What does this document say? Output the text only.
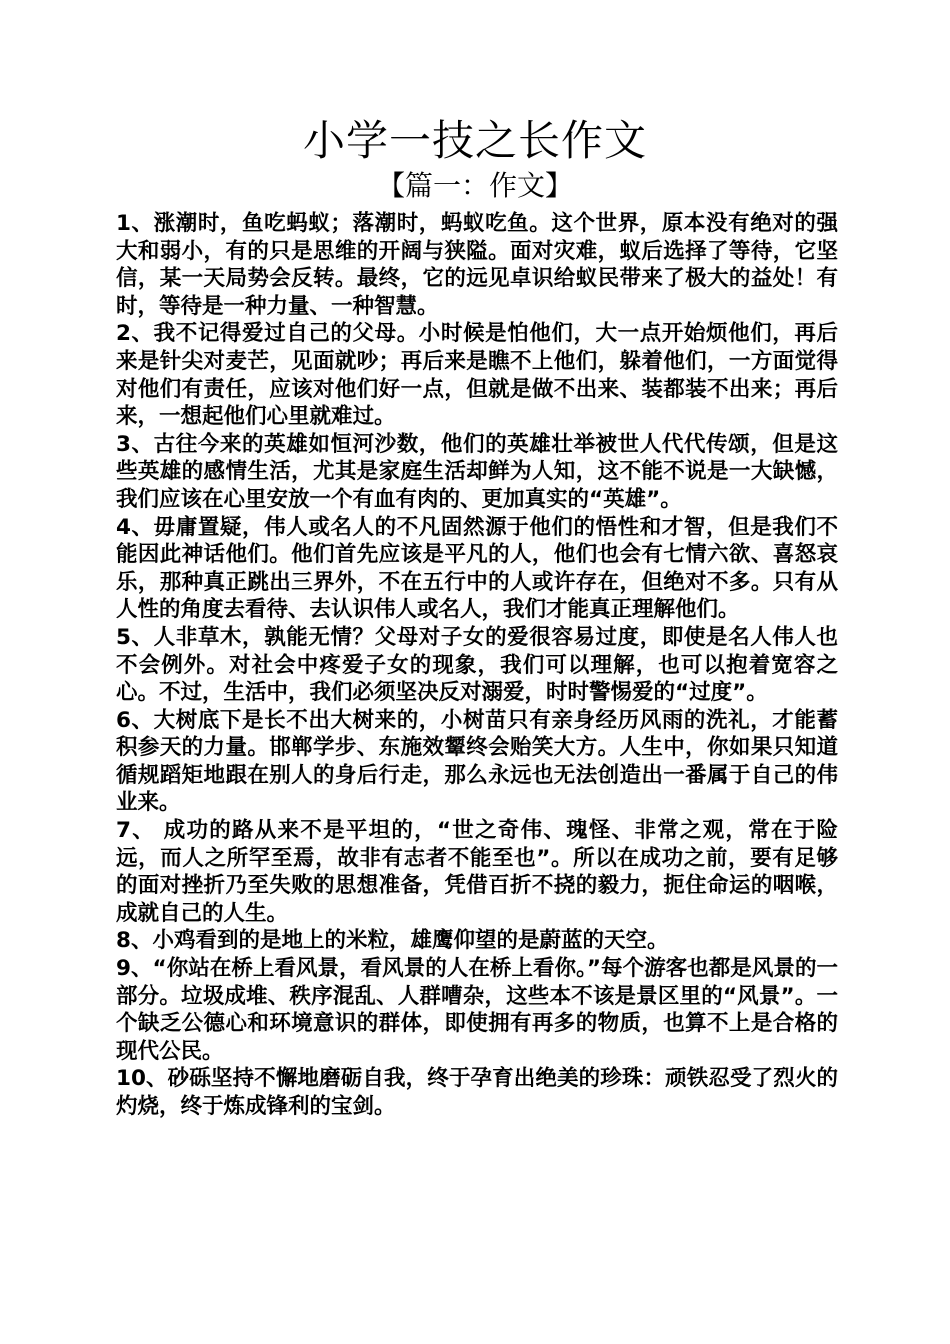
小学一技之长作文
【篇一：作文】

1、涨潮时，鱼吃蚂蚁；落潮时，蚂蚁吃鱼。这个世界，原本没有绝对的强大和弱小，有的只是思维的开阔与狭隘。面对灾难，蚁后选择了等待，它坚信，某一天局势会反转。最终，它的远见卓识给蚁民带来了极大的益处！有时，等待是一种力量、一种智慧。

2、我不记得爱过自己的父母。小时候是怕他们，大一点开始烦他们，再后来是针尖对麦芒，见面就吵；再后来是瞧不上他们，躲着他们，一方面觉得对他们有责任，应该对他们好一点，但就是做不出来、装都装不出来；再后来，一想起他们心里就难过。

3、古往今来的英雄如恒河沙数，他们的英雄壮举被世人代代传颂，但是这些英雄的感情生活，尤其是家庭生活却鲜为人知，这不能不说是一大缺憾，我们应该在心里安放一个有血有肉的、更加真实的“英雄”。

4、毋庸置疑，伟人或名人的不凡固然源于他们的悟性和才智，但是我们不能因此神话他们。他们首先应该是平凡的人，他们也会有七情六欲、喜怒哀乐，那种真正跳出三界外，不在五行中的人或许存在，但绝对不多。只有从人性的角度去看待、去认识伟人或名人，我们才能真正理解他们。

5、人非草木，孰能无情？父母对子女的爱很容易过度，即使是名人伟人也不会例外。对社会中疼爱子女的现象，我们可以理解，也可以抱着宽容之心。不过，生活中，我们必须坚决反对溺爱，时时警惕爱的“过度”。

6、大树底下是长不出大树来的，小树苗只有亲身经历风雨的洗礼，才能蓄积参天的力量。邯郸学步、东施效颦终会贻笑大方。人生中，你如果只知道循规蹈矩地跟在别人的身后行走，那么永远也无法创造出一番属于自己的伟业来。

7、 成功的路从来不是平坦的，“世之奇伟、瑰怪、非常之观，常在于险远，而人之所罕至焉，故非有志者不能至也”。所以在成功之前，要有足够的面对挫折乃至失败的思想准备，凭借百折不挠的毅力，扼住命运的咽喉，成就自己的人生。

8、小鸡看到的是地上的米粒，雄鹰仰望的是蔚蓝的天空。

9、“你站在桥上看风景，看风景的人在桥上看你。”每个游客也都是风景的一部分。垃圾成堆、秩序混乱、人群嘈杂，这些本不该是景区里的“风景”。一个缺乏公德心和环境意识的群体，即使拥有再多的物质，也算不上是合格的现代公民。

10、砂砾坚持不懈地磨砺自我，终于孕育出绝美的珍珠：顽铁忍受了烈火的灼烧，终于炼成锋利的宝剑。
